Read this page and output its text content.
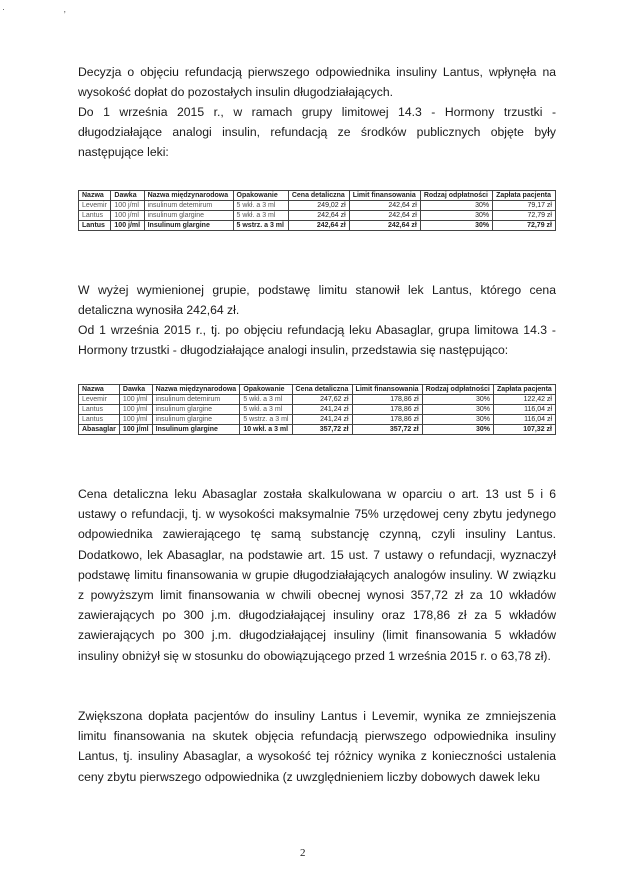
· ,

Decyzja o objęciu refundacją pierwszego odpowiednika insuliny Lantus, wpłynęła na wysokość dopłat do pozostałych insulin długodziałających.

Do 1 września 2015 r., w ramach grupy limitowej 14.3 - Hormony trzustki - długodziałające analogi insulin, refundacją ze środków publicznych objęte były następujące leki:

Nazwa	Dawka	Nazwa międzynarodowa	Opakowanie	Cena detaliczna	Limit finansowania	Rodzaj odpłatności	Zapłata pacjenta
Levemir	100 j/ml	insulinum detemirum	5 wkł. a 3 ml	249,02 zł	242,64 zł	30%	79,17 zł
Lantus	100 j/ml	insulinum glargine	5 wkł. a 3 ml	242,64 zł	242,64 zł	30%	72,79 zł
Lantus	100 j/ml	Insulinum glargine	5 wstrz. a 3 ml	242,64 zł	242,64 zł	30%	72,79 zł

W wyżej wymienionej grupie, podstawę limitu stanowił lek Lantus, którego cena detaliczna wynosiła 242,64 zł.

Od 1 września 2015 r., tj. po objęciu refundacją leku Abasaglar, grupa limitowa 14.3 - Hormony trzustki - długodziałające analogi insulin, przedstawia się następująco:

Nazwa	Dawka	Nazwa międzynarodowa	Opakowanie	Cena detaliczna	Limit finansowania	Rodzaj odpłatności	Zapłata pacjenta
Levemir	100 j/ml	insulinum detemirum	5 wkł. a 3 ml	247,62 zł	178,86 zł	30%	122,42 zł
Lantus	100 j/ml	insulinum glargine	5 wkł. a 3 ml	241,24 zł	178,86 zł	30%	116,04 zł
Lantus	100 j/ml	insulinum glargine	5 wstrz. a 3 ml	241,24 zł	178,86 zł	30%	116,04 zł
Abasaglar	100 j/ml	Insulinum glargine	10 wkł. a 3 ml	357,72 zł	357,72 zł	30%	107,32 zł

Cena detaliczna leku Abasaglar została skalkulowana w oparciu o art. 13 ust 5 i 6 ustawy o refundacji, tj. w wysokości maksymalnie 75% urzędowej ceny zbytu jedynego odpowiednika zawierającego tę samą substancję czynną, czyli insuliny Lantus. Dodatkowo, lek Abasaglar, na podstawie art. 15 ust. 7 ustawy o refundacji, wyznaczył podstawę limitu finansowania w grupie długodziałających analogów insuliny. W związku z powyższym limit finansowania w chwili obecnej wynosi 357,72 zł za 10 wkładów zawierających po 300 j.m. długodziałającej insuliny oraz 178,86 zł za 5 wkładów zawierających po 300 j.m. długodziałającej insuliny (limit finansowania 5 wkładów insuliny obniżył się w stosunku do obowiązującego przed 1 września 2015 r. o 63,78 zł).

Zwiększona dopłata pacjentów do insuliny Lantus i Levemir, wynika ze zmniejszenia limitu finansowania na skutek objęcia refundacją pierwszego odpowiednika insuliny Lantus, tj. insuliny Abasaglar, a wysokość tej różnicy wynika z konieczności ustalenia ceny zbytu pierwszego odpowiednika (z uwzględnieniem liczby dobowych dawek leku

2
